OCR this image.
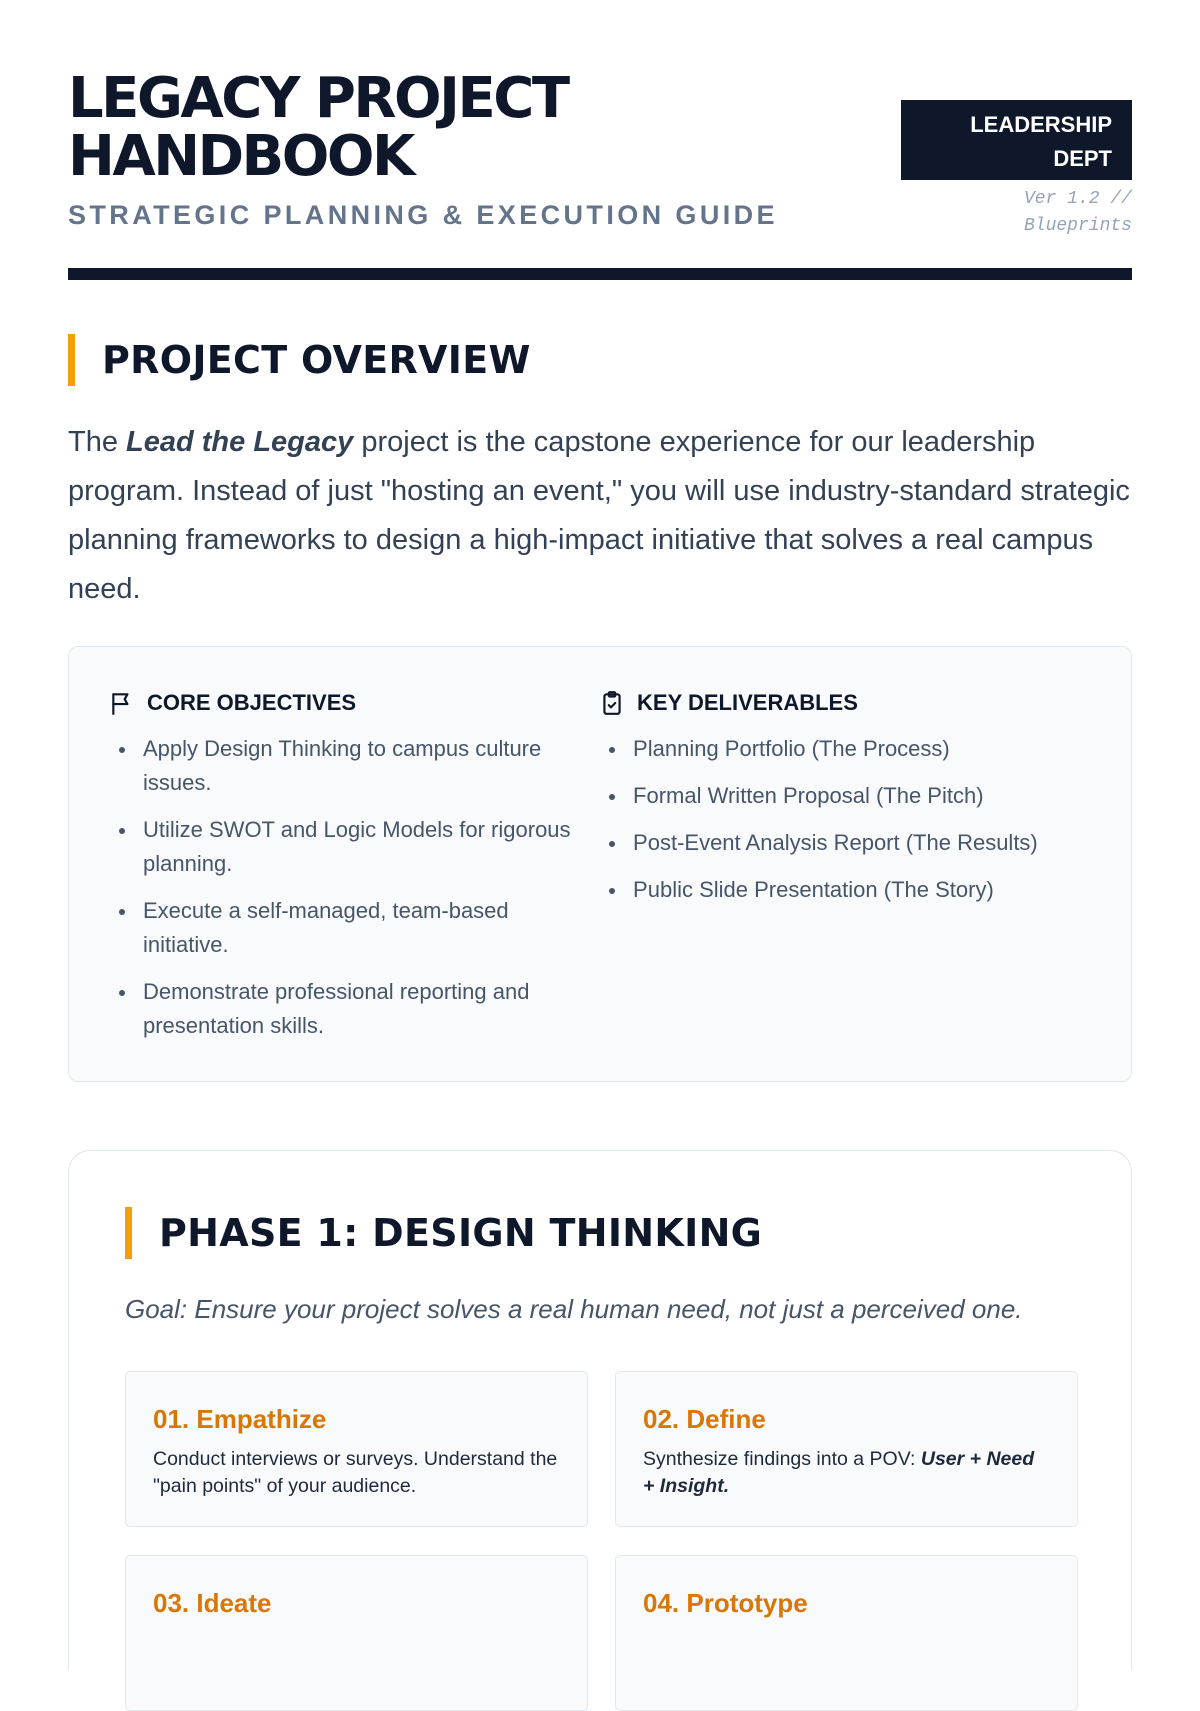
LEGACY PROJECT
HANDBOOK
STRATEGIC PLANNING & EXECUTION GUIDE
LEADERSHIP
DEPT
Ver 1.2 //
Blueprints
PROJECT OVERVIEW

The Lead the Legacy project is the capstone experience for our leadership program. Instead of just "hosting an event," you will use industry-standard strategic planning frameworks to design a high-impact initiative that solves a real campus need.

CORE OBJECTIVES
Apply Design Thinking to campus culture issues.
Utilize SWOT and Logic Models for rigorous planning.
Execute a self-managed, team-based initiative.
Demonstrate professional reporting and presentation skills.
KEY DELIVERABLES
Planning Portfolio (The Process)
Formal Written Proposal (The Pitch)
Post-Event Analysis Report (The Results)
Public Slide Presentation (The Story)
PHASE 1: DESIGN THINKING

Goal: Ensure your project solves a real human need, not just a perceived one.

01. Empathize

Conduct interviews or surveys. Understand the "pain points" of your audience.

02. Define

Synthesize findings into a POV: User + Need + Insight.

03. Ideate	04. Prototype
